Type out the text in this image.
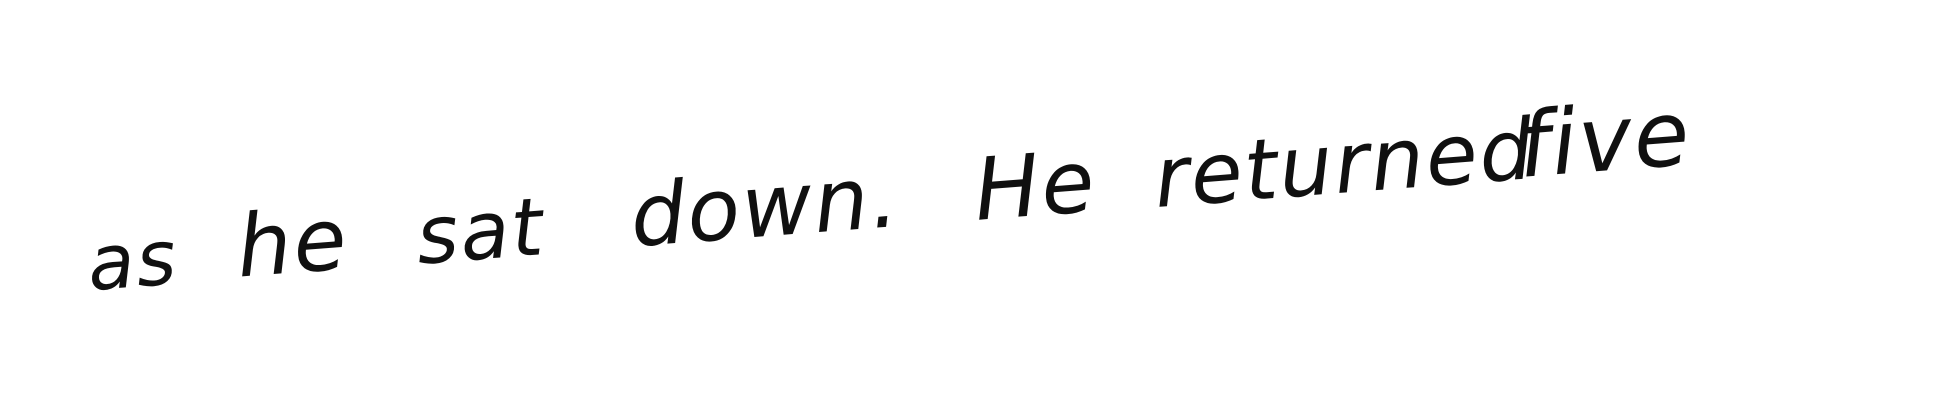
as he sat down. He returned
five
